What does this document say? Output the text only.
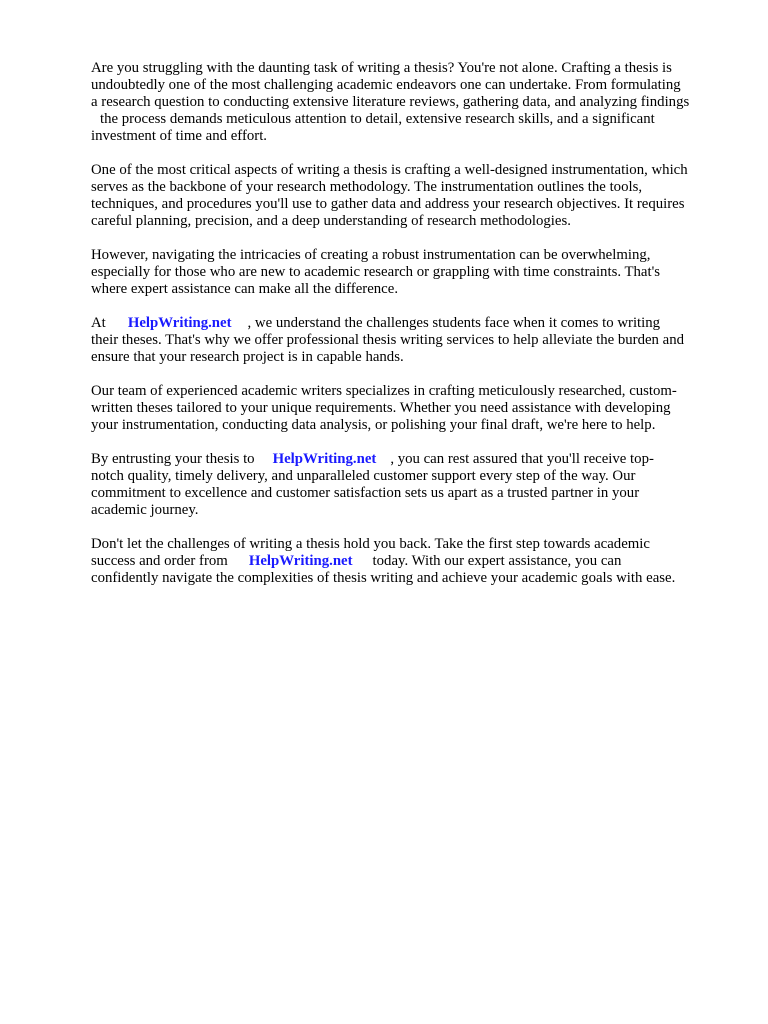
Are you struggling with the daunting task of writing a thesis? You're not alone. Crafting a thesis is
undoubtedly one of the most challenging academic endeavors one can undertake. From formulating
a research question to conducting extensive literature reviews, gathering data, and analyzing findings
the process demands meticulous attention to detail, extensive research skills, and a significant
investment of time and effort.

One of the most critical aspects of writing a thesis is crafting a well-designed instrumentation, which
serves as the backbone of your research methodology. The instrumentation outlines the tools,
techniques, and procedures you'll use to gather data and address your research objectives. It requires
careful planning, precision, and a deep understanding of research methodologies.

However, navigating the intricacies of creating a robust instrumentation can be overwhelming,
especially for those who are new to academic research or grappling with time constraints. That's
where expert assistance can make all the difference.

At HelpWriting.net , we understand the challenges students face when it comes to writing
their theses. That's why we offer professional thesis writing services to help alleviate the burden and
ensure that your research project is in capable hands.

Our team of experienced academic writers specializes in crafting meticulously researched, custom-
written theses tailored to your unique requirements. Whether you need assistance with developing
your instrumentation, conducting data analysis, or polishing your final draft, we're here to help.

By entrusting your thesis to HelpWriting.net , you can rest assured that you'll receive top-
notch quality, timely delivery, and unparalleled customer support every step of the way. Our
commitment to excellence and customer satisfaction sets us apart as a trusted partner in your
academic journey.

Don't let the challenges of writing a thesis hold you back. Take the first step towards academic
success and order from HelpWriting.net today. With our expert assistance, you can
confidently navigate the complexities of thesis writing and achieve your academic goals with ease.
